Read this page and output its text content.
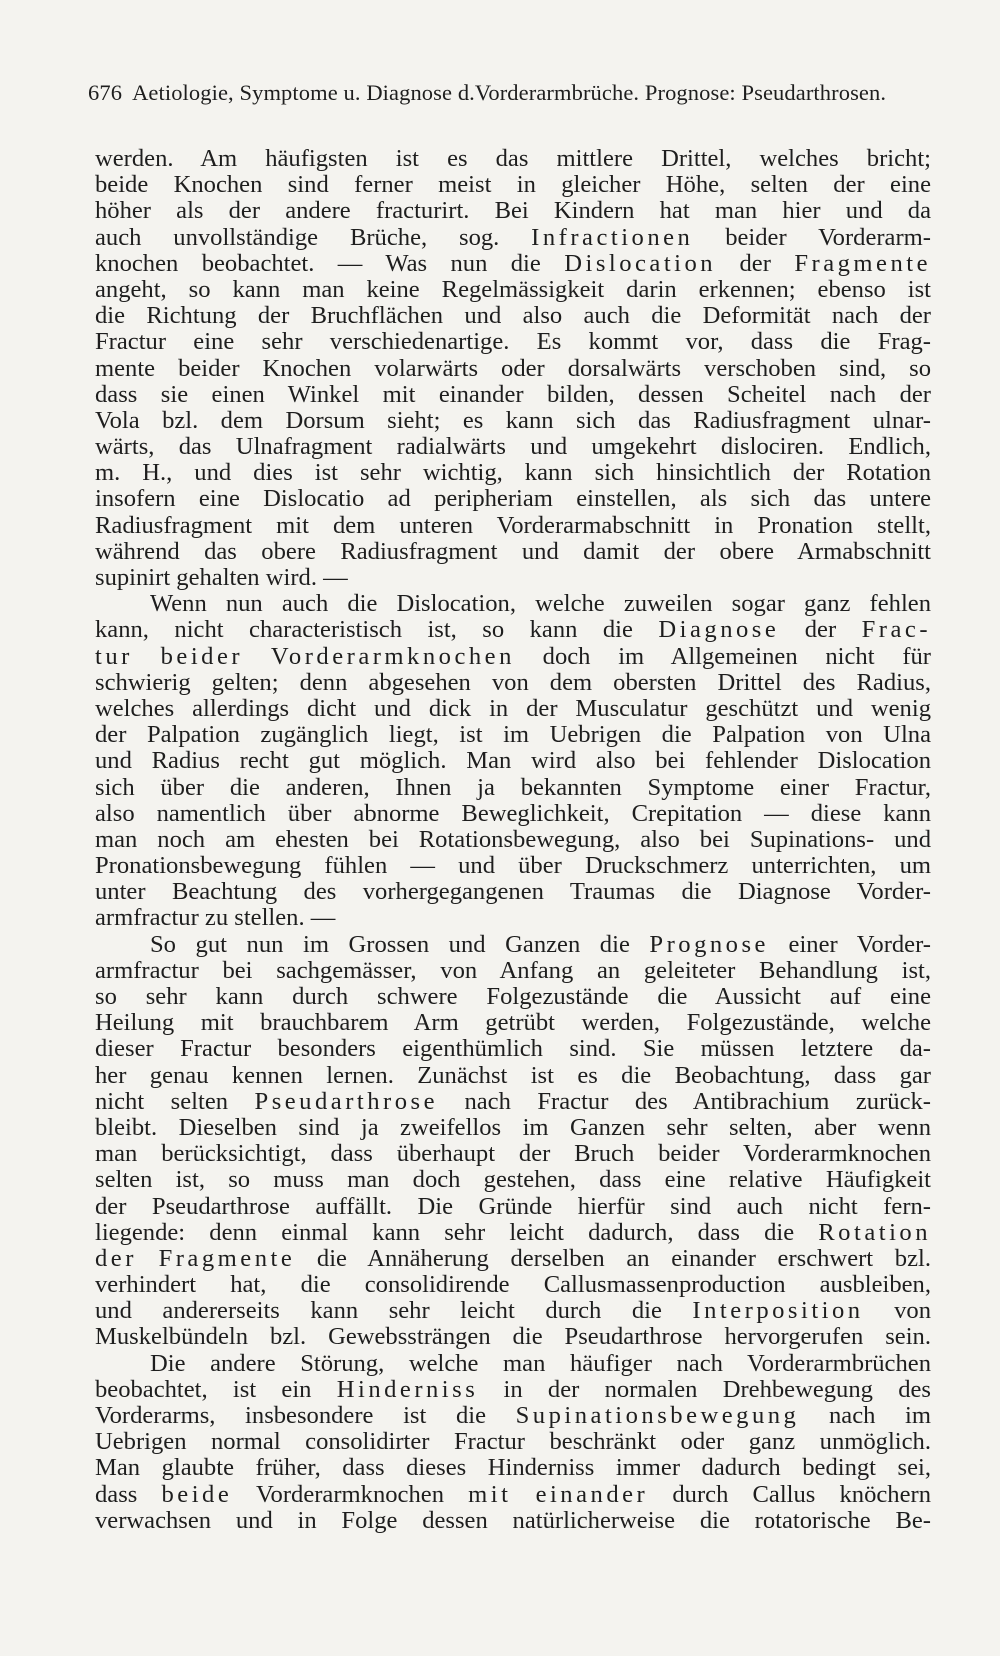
676 Aetiologie, Symptome u. Diagnose d.Vorderarmbrüche. Prognose: Pseudarthrosen.
werden. Am häufigsten ist es das mittlere Drittel, welches bricht;
beide Knochen sind ferner meist in gleicher Höhe, selten der eine
höher als der andere fracturirt. Bei Kindern hat man hier und da
auch unvollständige Brüche, sog. Infractionen beider Vorderarm-
knochen beobachtet. — Was nun die Dislocation der Fragmente
angeht, so kann man keine Regelmässigkeit darin erkennen; ebenso ist
die Richtung der Bruchflächen und also auch die Deformität nach der
Fractur eine sehr verschiedenartige. Es kommt vor, dass die Frag-
mente beider Knochen volarwärts oder dorsalwärts verschoben sind, so
dass sie einen Winkel mit einander bilden, dessen Scheitel nach der
Vola bzl. dem Dorsum sieht; es kann sich das Radiusfragment ulnar-
wärts, das Ulnafragment radialwärts und umgekehrt dislociren. Endlich,
m. H., und dies ist sehr wichtig, kann sich hinsichtlich der Rotation
insofern eine Dislocatio ad peripheriam einstellen, als sich das untere
Radiusfragment mit dem unteren Vorderarmabschnitt in Pronation stellt,
während das obere Radiusfragment und damit der obere Armabschnitt
supinirt gehalten wird. —
Wenn nun auch die Dislocation, welche zuweilen sogar ganz fehlen
kann, nicht characteristisch ist, so kann die Diagnose der Frac-
tur beider Vorderarmknochen doch im Allgemeinen nicht für
schwierig gelten; denn abgesehen von dem obersten Drittel des Radius,
welches allerdings dicht und dick in der Musculatur geschützt und wenig
der Palpation zugänglich liegt, ist im Uebrigen die Palpation von Ulna
und Radius recht gut möglich. Man wird also bei fehlender Dislocation
sich über die anderen, Ihnen ja bekannten Symptome einer Fractur,
also namentlich über abnorme Beweglichkeit, Crepitation — diese kann
man noch am ehesten bei Rotationsbewegung, also bei Supinations- und
Pronationsbewegung fühlen — und über Druckschmerz unterrichten, um
unter Beachtung des vorhergegangenen Traumas die Diagnose Vorder-
armfractur zu stellen. —
So gut nun im Grossen und Ganzen die Prognose einer Vorder-
armfractur bei sachgemässer, von Anfang an geleiteter Behandlung ist,
so sehr kann durch schwere Folgezustände die Aussicht auf eine
Heilung mit brauchbarem Arm getrübt werden, Folgezustände, welche
dieser Fractur besonders eigenthümlich sind. Sie müssen letztere da-
her genau kennen lernen. Zunächst ist es die Beobachtung, dass gar
nicht selten Pseudarthrose nach Fractur des Antibrachium zurück-
bleibt. Dieselben sind ja zweifellos im Ganzen sehr selten, aber wenn
man berücksichtigt, dass überhaupt der Bruch beider Vorderarmknochen
selten ist, so muss man doch gestehen, dass eine relative Häufigkeit
der Pseudarthrose auffällt. Die Gründe hierfür sind auch nicht fern-
liegende: denn einmal kann sehr leicht dadurch, dass die Rotation
der Fragmente die Annäherung derselben an einander erschwert bzl.
verhindert hat, die consolidirende Callusmassenproduction ausbleiben,
und andererseits kann sehr leicht durch die Interposition von
Muskelbündeln bzl. Gewebssträngen die Pseudarthrose hervorgerufen sein.
Die andere Störung, welche man häufiger nach Vorderarmbrüchen
beobachtet, ist ein Hinderniss in der normalen Drehbewegung des
Vorderarms, insbesondere ist die Supinationsbewegung nach im
Uebrigen normal consolidirter Fractur beschränkt oder ganz unmöglich.
Man glaubte früher, dass dieses Hinderniss immer dadurch bedingt sei,
dass beide Vorderarmknochen mit einander durch Callus knöchern
verwachsen und in Folge dessen natürlicherweise die rotatorische Be-
